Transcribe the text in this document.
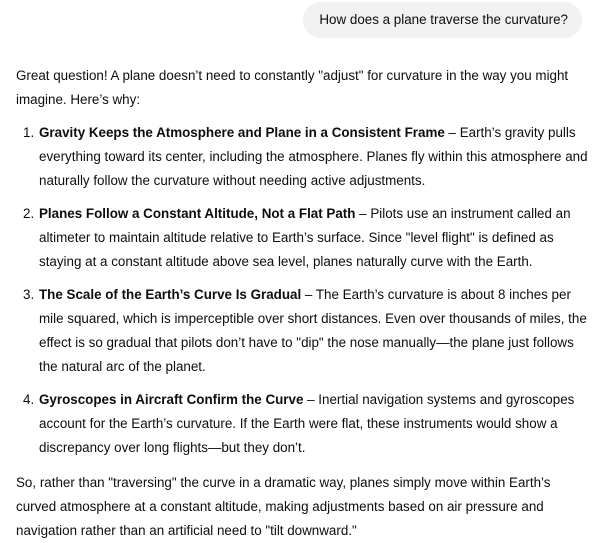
How does a plane traverse the curvature?

Great question! A plane doesn’t need to constantly "adjust" for curvature in the way you might imagine. Here’s why:

1. Gravity Keeps the Atmosphere and Plane in a Consistent Frame – Earth’s gravity pulls everything toward its center, including the atmosphere. Planes fly within this atmosphere and naturally follow the curvature without needing active adjustments.
2. Planes Follow a Constant Altitude, Not a Flat Path – Pilots use an instrument called an altimeter to maintain altitude relative to Earth’s surface. Since "level flight" is defined as staying at a constant altitude above sea level, planes naturally curve with the Earth.
3. The Scale of the Earth’s Curve Is Gradual – The Earth’s curvature is about 8 inches per mile squared, which is imperceptible over short distances. Even over thousands of miles, the effect is so gradual that pilots don’t have to "dip" the nose manually—the plane just follows the natural arc of the planet.
4. Gyroscopes in Aircraft Confirm the Curve – Inertial navigation systems and gyroscopes account for the Earth’s curvature. If the Earth were flat, these instruments would show a discrepancy over long flights—but they don’t.

So, rather than "traversing" the curve in a dramatic way, planes simply move within Earth’s curved atmosphere at a constant altitude, making adjustments based on air pressure and navigation rather than an artificial need to "tilt downward."
